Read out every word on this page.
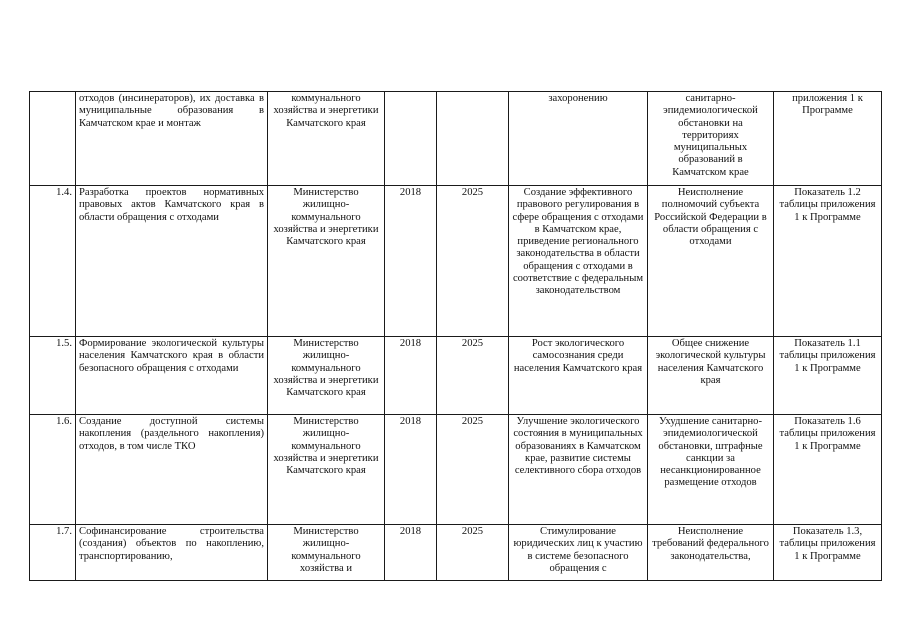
	отходов (инсинераторов), их доставка в муниципальные образования в Камчатском крае и монтаж	коммунального хозяйства и энергетики Камчатского края			захоронению	санитарно-эпидемиологической обстановки на территориях муниципальных образований в Камчатском крае	приложения 1 к Программе
1.4.	Разработка проектов нормативных правовых актов Камчатского края в области обращения с отходами	Министерство жилищно-коммунального хозяйства и энергетики Камчатского края	2018	2025	Создание эффективного правового регулирования в сфере обращения с отходами в Камчатском крае, приведение регионального законодательства в области обращения с отходами в соответствие с федеральным законодательством	Неисполнение полномочий субъекта Российской Федерации в области обращения с отходами	Показатель 1.2 таблицы приложения 1 к Программе
1.5.	Формирование экологической культуры населения Камчатского края в области безопасного обращения с отходами	Министерство жилищно-коммунального хозяйства и энергетики Камчатского края	2018	2025	Рост экологического самосознания среди населения Камчатского края	Общее снижение экологической культуры населения Камчатского края	Показатель 1.1 таблицы приложения 1 к Программе
1.6.	Создание доступной системы накопления (раздельного накопления) отходов, в том числе ТКО	Министерство жилищно-коммунального хозяйства и энергетики Камчатского края	2018	2025	Улучшение экологического состояния в муниципальных образованиях в Камчатском крае, развитие системы селективного сбора отходов	Ухудшение санитарно-эпидемиологической обстановки, штрафные санкции за несанкционированное размещение отходов	Показатель 1.6 таблицы приложения 1 к Программе
1.7.	Софинансирование строительства (создания) объектов по накоплению, транспортированию,	Министерство жилищно-коммунального хозяйства и	2018	2025	Стимулирование юридических лиц к участию в системе безопасного обращения с	Неисполнение требований федерального законодательства,	Показатель 1.3, таблицы приложения 1 к Программе
